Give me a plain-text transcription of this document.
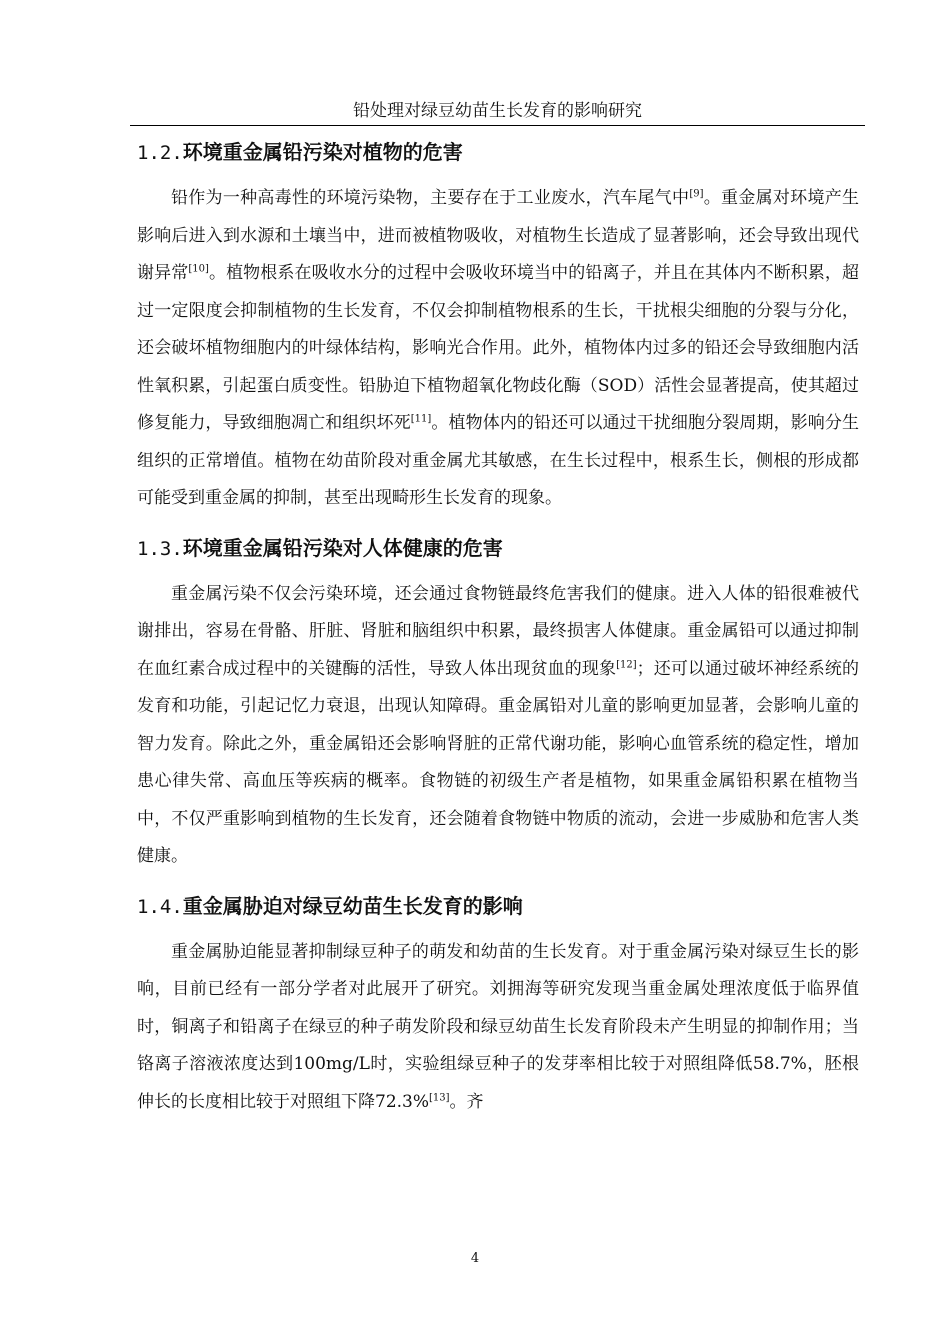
铅处理对绿豆幼苗生长发育的影响研究
1.2.环境重金属铅污染对植物的危害

铅作为一种高毒性的环境污染物，主要存在于工业废水，汽车尾气中[9]。重金属对环境产生影响后进入到水源和土壤当中，进而被植物吸收，对植物生长造成了显著影响，还会导致出现代谢异常[10]。植物根系在吸收水分的过程中会吸收环境当中的铅离子，并且在其体内不断积累，超过一定限度会抑制植物的生长发育，不仅会抑制植物根系的生长，干扰根尖细胞的分裂与分化，还会破坏植物细胞内的叶绿体结构，影响光合作用。此外，植物体内过多的铅还会导致细胞内活性氧积累，引起蛋白质变性。铅胁迫下植物超氧化物歧化酶（SOD）活性会显著提高，使其超过修复能力，导致细胞凋亡和组织坏死[11]。植物体内的铅还可以通过干扰细胞分裂周期，影响分生组织的正常增值。植物在幼苗阶段对重金属尤其敏感，在生长过程中，根系生长，侧根的形成都可能受到重金属的抑制，甚至出现畸形生长发育的现象。

1.3.环境重金属铅污染对人体健康的危害

重金属污染不仅会污染环境，还会通过食物链最终危害我们的健康。进入人体的铅很难被代谢排出，容易在骨骼、肝脏、肾脏和脑组织中积累，最终损害人体健康。重金属铅可以通过抑制在血红素合成过程中的关键酶的活性，导致人体出现贫血的现象[12]；还可以通过破坏神经系统的发育和功能，引起记忆力衰退，出现认知障碍。重金属铅对儿童的影响更加显著，会影响儿童的智力发育。除此之外，重金属铅还会影响肾脏的正常代谢功能，影响心血管系统的稳定性，增加患心律失常、高血压等疾病的概率。食物链的初级生产者是植物，如果重金属铅积累在植物当中，不仅严重影响到植物的生长发育，还会随着食物链中物质的流动，会进一步威胁和危害人类健康。

1.4.重金属胁迫对绿豆幼苗生长发育的影响

重金属胁迫能显著抑制绿豆种子的萌发和幼苗的生长发育。对于重金属污染对绿豆生长的影响，目前已经有一部分学者对此展开了研究。刘拥海等研究发现当重金属处理浓度低于临界值时，铜离子和铅离子在绿豆的种子萌发阶段和绿豆幼苗生长发育阶段未产生明显的抑制作用；当铬离子溶液浓度达到100mg/L时，实验组绿豆种子的发芽率相比较于对照组降低58.7%，胚根伸长的长度相比较于对照组下降72.3%[13]。齐

4
